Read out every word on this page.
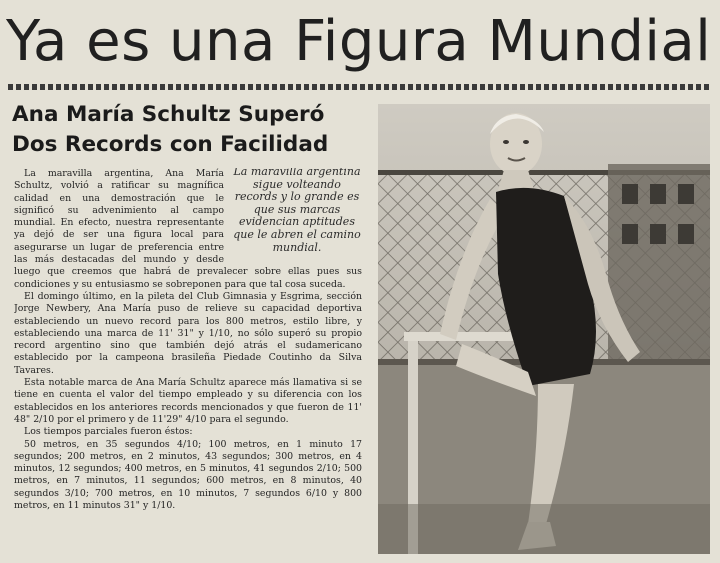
Ya es una Figura Mundial
Ana María Schultz Superó
Dos Records con Facilidad
La maravilla argentina sigue volteando records y lo grande es que sus marcas evidencian aptitudes que le abren el camino mundial.

La maravilla argentina, Ana María Schultz, volvió a ratificar su magnífica calidad en una demostración que le significó su advenimiento al campo mundial. En efecto, nuestra representante ya dejó de ser una figura local para asegurarse un lugar de preferencia entre las más destacadas del mundo y desde luego que creemos que habrá de prevalecer sobre ellas pues sus condiciones y su entusiasmo se sobreponen para que tal cosa suceda.

El domingo último, en la pileta del Club Gimnasia y Esgrima, sección Jorge Newbery, Ana María puso de relieve su capacidad deportiva estableciendo un nuevo record para los 800 metros, estilo libre, y estableciendo una marca de 11' 31" y 1/10, no sólo superó su propio record argentino sino que también dejó atrás el sudamericano establecido por la campeona brasileña Piedade Coutinho da Silva Tavares.

Esta notable marca de Ana María Schultz aparece más llamativa si se tiene en cuenta el valor del tiempo empleado y su diferencia con los establecidos en los anteriores records mencionados y que fueron de 11' 48" 2/10 por el primero y de 11'29" 4/10 para el segundo.

Los tiempos parciales fueron éstos:

50 metros, en 35 segundos 4/10; 100 metros, en 1 minuto 17 segundos; 200 metros, en 2 minutos, 43 segundos; 300 metros, en 4 minutos, 12 segundos; 400 metros, en 5 minutos, 41 segundos 2/10; 500 metros, en 7 minutos, 11 segundos; 600 metros, en 8 minutos, 40 segundos 3/10; 700 metros, en 10 minutos, 7 segundos 6/10 y 800 metros, en 11 minutos 31" y 1/10.
